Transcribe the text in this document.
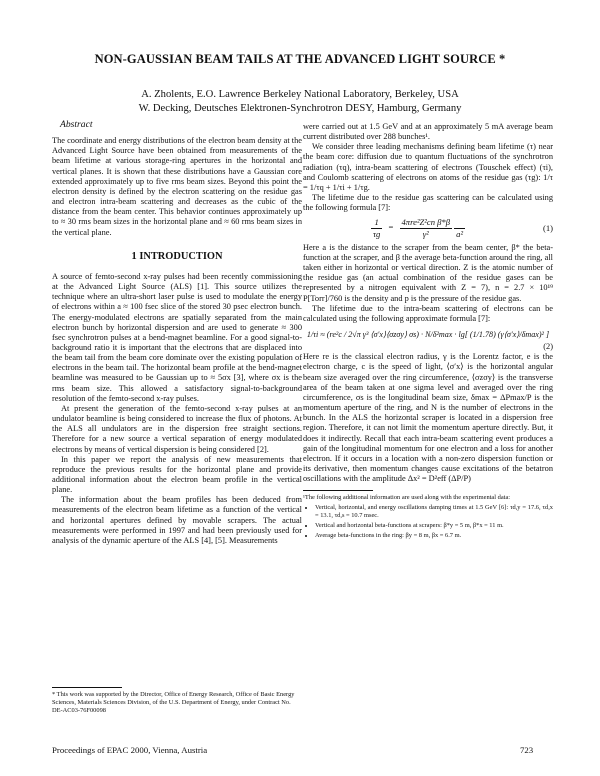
NON-GAUSSIAN BEAM TAILS AT THE ADVANCED LIGHT SOURCE *
A. Zholents, E.O. Lawrence Berkeley National Laboratory, Berkeley, USA
W. Decking, Deutsches Elektronen-Synchrotron DESY, Hamburg, Germany
Abstract

The coordinate and energy distributions of the electron beam density at the Advanced Light Source have been obtained from measurements of the beam lifetime at various storage-ring apertures in the horizontal and vertical planes. It is shown that these distributions have a Gaussian core extended approximately up to five rms beam sizes. Beyond this point the electron density is defined by the electron scattering on the residue gas and electron intra-beam scattering and decreases as the cubic of the distance from the beam center. This behavior continues approximately up to ≈ 30 rms beam sizes in the horizontal plane and ≈ 60 rms beam sizes in the vertical plane.

1 INTRODUCTION

A source of femto-second x-ray pulses had been recently commissioning at the Advanced Light Source (ALS) [1]. This source utilizes the technique where an ultra-short laser pulse is used to modulate the energy of electrons within a ≈ 100 fsec slice of the stored 30 psec electron bunch. The energy-modulated electrons are spatially separated from the main electron bunch by horizontal dispersion and are used to generate ≈ 300 fsec synchrotron pulses at a bend-magnet beamline. For a good signal-to-background ratio it is important that the electrons that are displaced into the beam tail from the beam core dominate over the existing population of electrons in the beam tail. The horizontal beam profile at the bend-magnet beamline was measured to be Gaussian up to ≈ 5σx [3], where σx is the rms beam size. This allowed a satisfactory signal-to-background resolution of the femto-second x-ray pulses.

At present the generation of the femto-second x-ray pulses at an undulator beamline is being considered to increase the flux of photons. At the ALS all undulators are in the dispersion free straight sections. Therefore for a new source a vertical separation of energy modulated electrons by means of vertical dispersion is being considered [2].

In this paper we report the analysis of new measurements that reproduce the previous results for the horizontal plane and provide additional information about the electron beam profile in the vertical plane.

The information about the beam profiles has been deduced from measurements of the electron beam lifetime as a function of the vertical and horizontal apertures defined by movable scrapers. The actual measurements were performed in 1997 and had been previously used for analysis of the dynamic aperture of the ALS [4], [5]. Measurements

* This work was supported by the Director, Office of Energy Research, Office of Basic Energy Sciences, Materials Sciences Division, of the U.S. Department of Energy, under Contract No. DE-AC03-76F00098

were carried out at 1.5 GeV and at an approximately 5 mA average beam current distributed over 288 bunches¹.

We consider three leading mechanisms defining beam lifetime (τ) near the beam core: diffusion due to quantum fluctuations of the synchrotron radiation (τq), intra-beam scattering of electrons (Touschek effect) (τi), and Coulomb scattering of electrons on atoms of the residue gas (τg): 1/τ = 1/τq + 1/τi + 1/τg.

The lifetime due to the residue gas scattering can be calculated using the following formula [7]:

$\frac{1}{\tau g} = \frac{\text{4πre²Z²cn β*β}}{\text{γ²}}$

a²
(1)

Here a is the distance to the scraper from the beam center, β* the beta-function at the scraper, and β the average beta-function around the ring, all taken either in horizontal or vertical direction. Z is the atomic number of the residue gas (an actual combination of the residue gases can be represented by a nitrogen equivalent with Z = 7), n = 2.7 × 10¹⁹ P[Torr]/760 is the density and p is the pressure of the residue gas.

The lifetime due to the intra-beam scattering of electrons can be calculated using the following approximate formula [7]:

1/τi ≈ (re²c / 2√π γ³ ⟨σ′x⟩⟨σzσy⟩ σs) · N/δ²max · lg[ (1/1.78) (γ⟨σ′x⟩/δmax)² ]
(2)

Here re is the classical electron radius, γ is the Lorentz factor, e is the electron charge, c is the speed of light, ⟨σ′x⟩ is the horizontal angular beam size averaged over the ring circumference, ⟨σzσy⟩ is the transverse area of the beam taken at one sigma level and averaged over the ring circumference, σs is the longitudinal beam size, δmax = ΔPmax/P is the momentum aperture of the ring, and N is the number of electrons in the bunch. In the ALS the horizontal scraper is located in a dispersion free region. Therefore, it can not limit the momentum aperture directly. But, it does it indirectly. Recall that each intra-beam scattering event produces a gain of the longitudinal momentum for one electron and a loss for another electron. If it occurs in a location with a non-zero dispersion function or its derivative, then momentum changes cause excitations of the betatron oscillations with the amplitude Δx² = D²eff (ΔP/P)

¹The following additional information are used along with the experimental data:
• Vertical, horizontal, and energy oscillations damping times at 1.5 GeV [6]: τd,y = 17.6, τd,x = 13.1, τd,s = 10.7 msec.
• Vertical and horizontal beta-functions at scrapers: β*y = 5 m, β*x = 11 m.
• Average beta-functions in the ring: βy = 8 m, βx = 6.7 m.
Proceedings of EPAC 2000, Vienna, Austria	723
